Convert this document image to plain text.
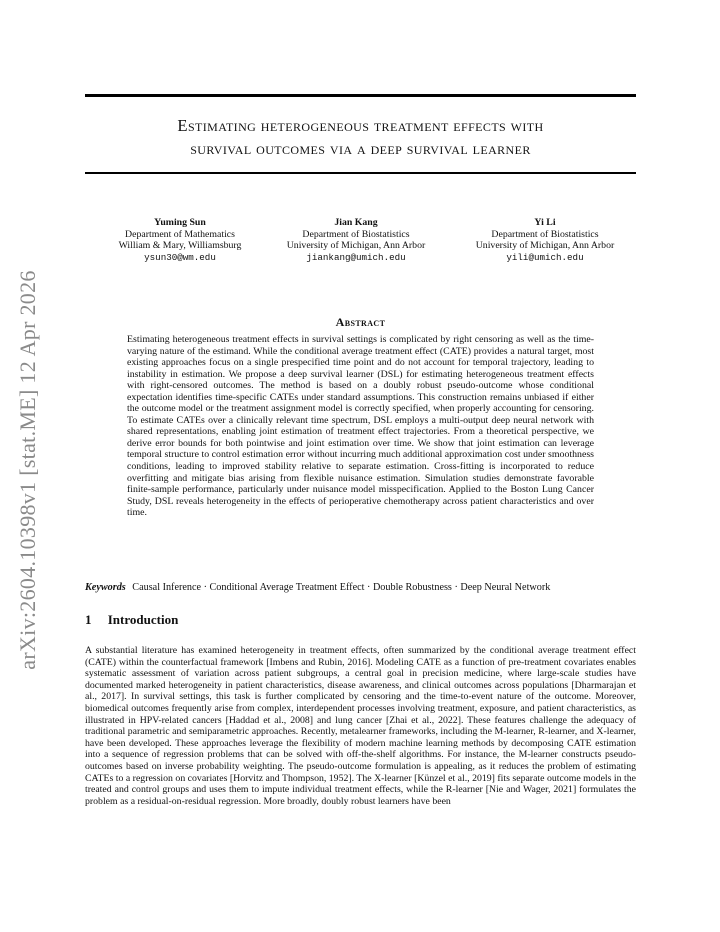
arXiv:2604.10398v1 [stat.ME] 12 Apr 2026
Estimating heterogeneous treatment effects with
survival outcomes via a deep survival learner
Yuming Sun
Department of Mathematics
William & Mary, Williamsburg
ysun30@wm.edu
Jian Kang
Department of Biostatistics
University of Michigan, Ann Arbor
jiankang@umich.edu
Yi Li
Department of Biostatistics
University of Michigan, Ann Arbor
yili@umich.edu
Abstract
Estimating heterogeneous treatment effects in survival settings is complicated by right censoring as well as the time-varying nature of the estimand. While the conditional average treatment effect (CATE) provides a natural target, most existing approaches focus on a single prespecified time point and do not account for temporal trajectory, leading to instability in estimation. We propose a deep survival learner (DSL) for estimating heterogeneous treatment effects with right-censored outcomes. The method is based on a doubly robust pseudo-outcome whose conditional expectation identifies time-specific CATEs under standard assumptions. This construction remains unbiased if either the outcome model or the treatment assignment model is correctly specified, when properly accounting for censoring. To estimate CATEs over a clinically relevant time spectrum, DSL employs a multi-output deep neural network with shared representations, enabling joint estimation of treatment effect trajectories. From a theoretical perspective, we derive error bounds for both pointwise and joint estimation over time. We show that joint estimation can leverage temporal structure to control estimation error without incurring much additional approximation cost under smoothness conditions, leading to improved stability relative to separate estimation. Cross-fitting is incorporated to reduce overfitting and mitigate bias arising from flexible nuisance estimation. Simulation studies demonstrate favorable finite-sample performance, particularly under nuisance model misspecification. Applied to the Boston Lung Cancer Study, DSL reveals heterogeneity in the effects of perioperative chemotherapy across patient characteristics and over time.
Keywords Causal Inference · Conditional Average Treatment Effect · Double Robustness · Deep Neural Network
1 Introduction
A substantial literature has examined heterogeneity in treatment effects, often summarized by the conditional average treatment effect (CATE) within the counterfactual framework [Imbens and Rubin, 2016]. Modeling CATE as a function of pre-treatment covariates enables systematic assessment of variation across patient subgroups, a central goal in precision medicine, where large-scale studies have documented marked heterogeneity in patient characteristics, disease awareness, and clinical outcomes across populations [Dharmarajan et al., 2017]. In survival settings, this task is further complicated by censoring and the time-to-event nature of the outcome. Moreover, biomedical outcomes frequently arise from complex, interdependent processes involving treatment, exposure, and patient characteristics, as illustrated in HPV-related cancers [Haddad et al., 2008] and lung cancer [Zhai et al., 2022]. These features challenge the adequacy of traditional parametric and semiparametric approaches. Recently, metalearner frameworks, including the M-learner, R-learner, and X-learner, have been developed. These approaches leverage the flexibility of modern machine learning methods by decomposing CATE estimation into a sequence of regression problems that can be solved with off-the-shelf algorithms. For instance, the M-learner constructs pseudo-outcomes based on inverse probability weighting. The pseudo-outcome formulation is appealing, as it reduces the problem of estimating CATEs to a regression on covariates [Horvitz and Thompson, 1952]. The X-learner [Künzel et al., 2019] fits separate outcome models in the treated and control groups and uses them to impute individual treatment effects, while the R-learner [Nie and Wager, 2021] formulates the problem as a residual-on-residual regression. More broadly, doubly robust learners have been
